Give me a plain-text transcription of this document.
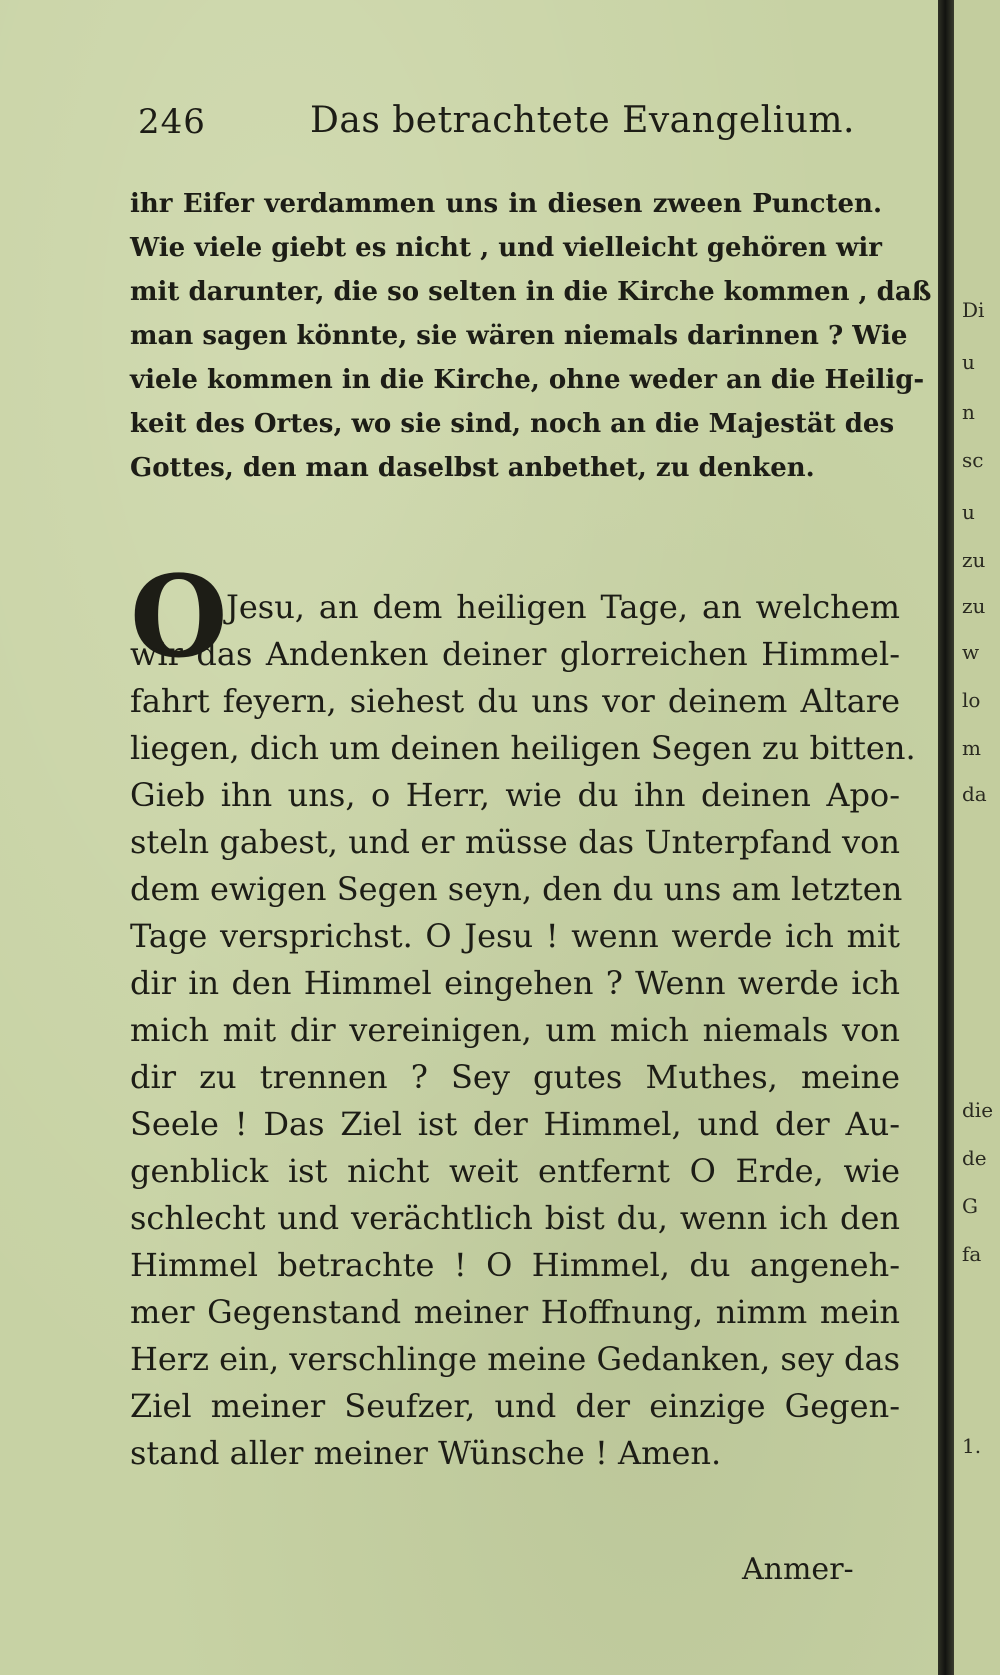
246	Das betrachtete Evangelium.
ihr Eifer verdammen uns in diesen zween Puncten.
Wie viele giebt es nicht , und vielleicht gehören wir
mit darunter, die so selten in die Kirche kommen , daß
man sagen könnte, sie wären niemals darinnen ? Wie
viele kommen in die Kirche, ohne weder an die Heilig-
keit des Ortes, wo sie sind, noch an die Majestät des
Gottes, den man daselbst anbethet, zu denken.
O
Jesu, an dem heiligen Tage, an welchem
wir das Andenken deiner glorreichen Himmel-
fahrt feyern, siehest du uns vor deinem Altare
liegen, dich um deinen heiligen Segen zu bitten.
Gieb ihn uns, o Herr, wie du ihn deinen Apo-
steln gabest, und er müsse das Unterpfand von
dem ewigen Segen seyn, den du uns am letzten
Tage versprichst. O Jesu ! wenn werde ich mit
dir in den Himmel eingehen ? Wenn werde ich
mich mit dir vereinigen, um mich niemals von
dir zu trennen ? Sey gutes Muthes, meine
Seele ! Das Ziel ist der Himmel, und der Au-
genblick ist nicht weit entfernt O Erde, wie
schlecht und verächtlich bist du, wenn ich den
Himmel betrachte ! O Himmel, du angeneh-
mer Gegenstand meiner Hoffnung, nimm mein
Herz ein, verschlinge meine Gedanken, sey das
Ziel meiner Seufzer, und der einzige Gegen-
stand aller meiner Wünsche ! Amen.
Anmer-
Di
u
n
sc
u
zu
zu
w
lo
m
da
die
de
G
fa
1.
